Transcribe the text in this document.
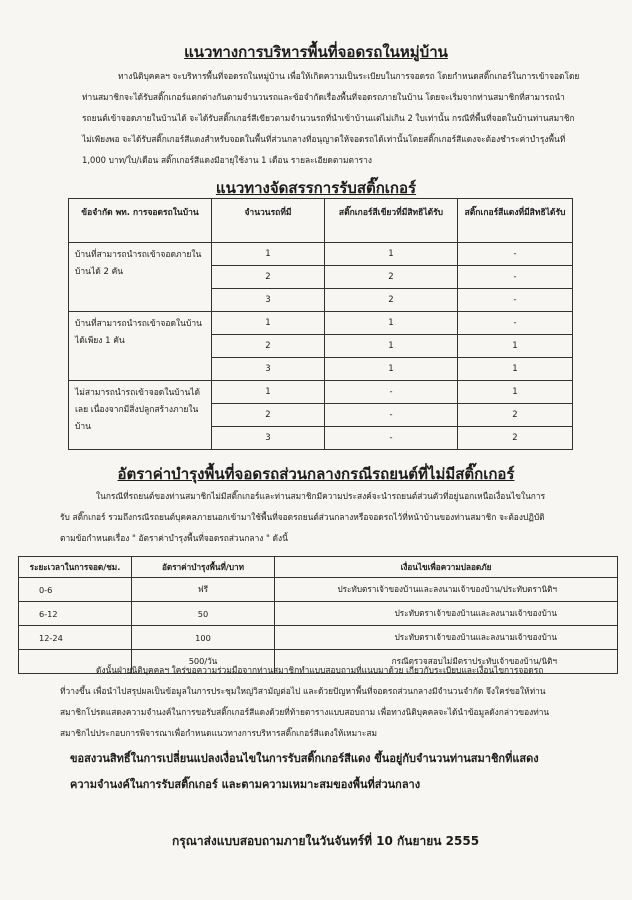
แนวทางการบริหารพื้นที่จอดรถในหมู่บ้าน

ทางนิติบุคคลฯ จะบริหารพื้นที่จอดรถในหมู่บ้าน เพื่อให้เกิดความเป็นระเบียบในการจอดรถ โดยกำหนดสติ๊กเกอร์ในการเข้าจอดโดย

ท่านสมาชิกจะได้รับสติ๊กเกอร์แตกต่างกันตามจำนวนรถและข้อจำกัดเรื่องพื้นที่จอดรถภายในบ้าน โดยจะเริ่มจากท่านสมาชิกที่สามารถนำ

รถยนต์เข้าจอดภายในบ้านได้ จะได้รับสติ๊กเกอร์สีเขียวตามจำนวนรถที่นำเข้าบ้านแต่ไม่เกิน 2 ใบเท่านั้น กรณีที่พื้นที่จอดในบ้านท่านสมาชิก

ไม่เพียงพอ จะได้รับสติ๊กเกอร์สีแดงสำหรับจอดในพื้นที่ส่วนกลางที่อนุญาตให้จอดรถได้เท่านั้นโดยสติ๊กเกอร์สีแดงจะต้องชำระค่าบำรุงพื้นที่

1,000 บาท/ใบ/เดือน สติ๊กเกอร์สีแดงมีอายุใช้งาน 1 เดือน รายละเอียดตามตาราง

แนวทางจัดสรรการรับสติ๊กเกอร์
ข้อจำกัด พท. การจอดรถในบ้าน	จำนวนรถที่มี	สติ๊กเกอร์สีเขียวที่มีสิทธิได้รับ	สติ๊กเกอร์สีแดงที่มีสิทธิได้รับ
บ้านที่สามารถนำรถเข้าจอดภายในบ้านได้ 2 คัน	1	1	-
	2	2	-
	3	2	-
บ้านที่สามารถนำรถเข้าจอดในบ้านได้เพียง 1 คัน	1	1	-
	2	1	1
	3	1	1
ไม่สามารถนำรถเข้าจอดในบ้านได้เลย เนื่องจากมีสิ่งปลูกสร้างภายในบ้าน	1	-	1
	2	-	2
	3	-	2
อัตราค่าบำรุงพื้นที่จอดรถส่วนกลางกรณีรถยนต์ที่ไม่มีสติ๊กเกอร์

ในกรณีที่รถยนต์ของท่านสมาชิกไม่มีสติ๊กเกอร์และท่านสมาชิกมีความประสงค์จะนำรถยนต์ส่วนตัวที่อยู่นอกเหนือเงื่อนไขในการ

รับ สติ๊กเกอร์ รวมถึงกรณีรถยนต์บุคคลภายนอกเข้ามาใช้พื้นที่จอดรถยนต์ส่วนกลางหรือจอดรถไว้ที่หน้าบ้านของท่านสมาชิก จะต้องปฏิบัติ

ตามข้อกำหนดเรื่อง " อัตราค่าบำรุงพื้นที่จอดรถส่วนกลาง " ดังนี้

ระยะเวลาในการจอด/ชม.	อัตราค่าบำรุงพื้นที่/บาท	เงื่อนไขเพื่อความปลอดภัย
0-6	ฟรี	ประทับตราเจ้าของบ้านและลงนามเจ้าของบ้าน/ประทับตรานิติฯ
6-12	50	ประทับตราเจ้าของบ้านและลงนามเจ้าของบ้าน
12-24	100	ประทับตราเจ้าของบ้านและลงนามเจ้าของบ้าน
	500/วัน	กรณีตรวจสอบไม่มีตราประทับเจ้าของบ้าน/นิติฯ

ดังนั้นฝ่ายนิติบุคคลฯ ใคร่ขอความร่วมมือจากท่านสมาชิกทำแบบสอบถามที่แนบมาด้วย เกี่ยวกับระเบียบและเงื่อนไขการจอดรถ

ที่วางขึ้น เพื่อนำไปสรุปผลเป็นข้อมูลในการประชุมใหญ่วิสามัญต่อไป และด้วยปัญหาพื้นที่จอดรถส่วนกลางมีจำนวนจำกัด จึงใคร่ขอให้ท่าน

สมาชิกโปรดแสดงความจำนงค์ในการขอรับสติ๊กเกอร์สีแดงด้วยที่ท้ายตารางแบบสอบถาม เพื่อทางนิติบุคคลจะได้นำข้อมูลดังกล่าวของท่าน

สมาชิกไปประกอบการพิจารณาเพื่อกำหนดแนวทางการบริหารสติ๊กเกอร์สีแดงให้เหมาะสม

ขอสงวนสิทธิ์ในการเปลี่ยนแปลงเงื่อนไขในการรับสติ๊กเกอร์สีแดง ขึ้นอยู่กับจำนวนท่านสมาชิกที่แสดง

ความจำนงค์ในการรับสติ๊กเกอร์ และตามความเหมาะสมของพื้นที่ส่วนกลาง

กรุณาส่งแบบสอบถามภายในวันจันทร์ที่ 10 กันยายน 2555
